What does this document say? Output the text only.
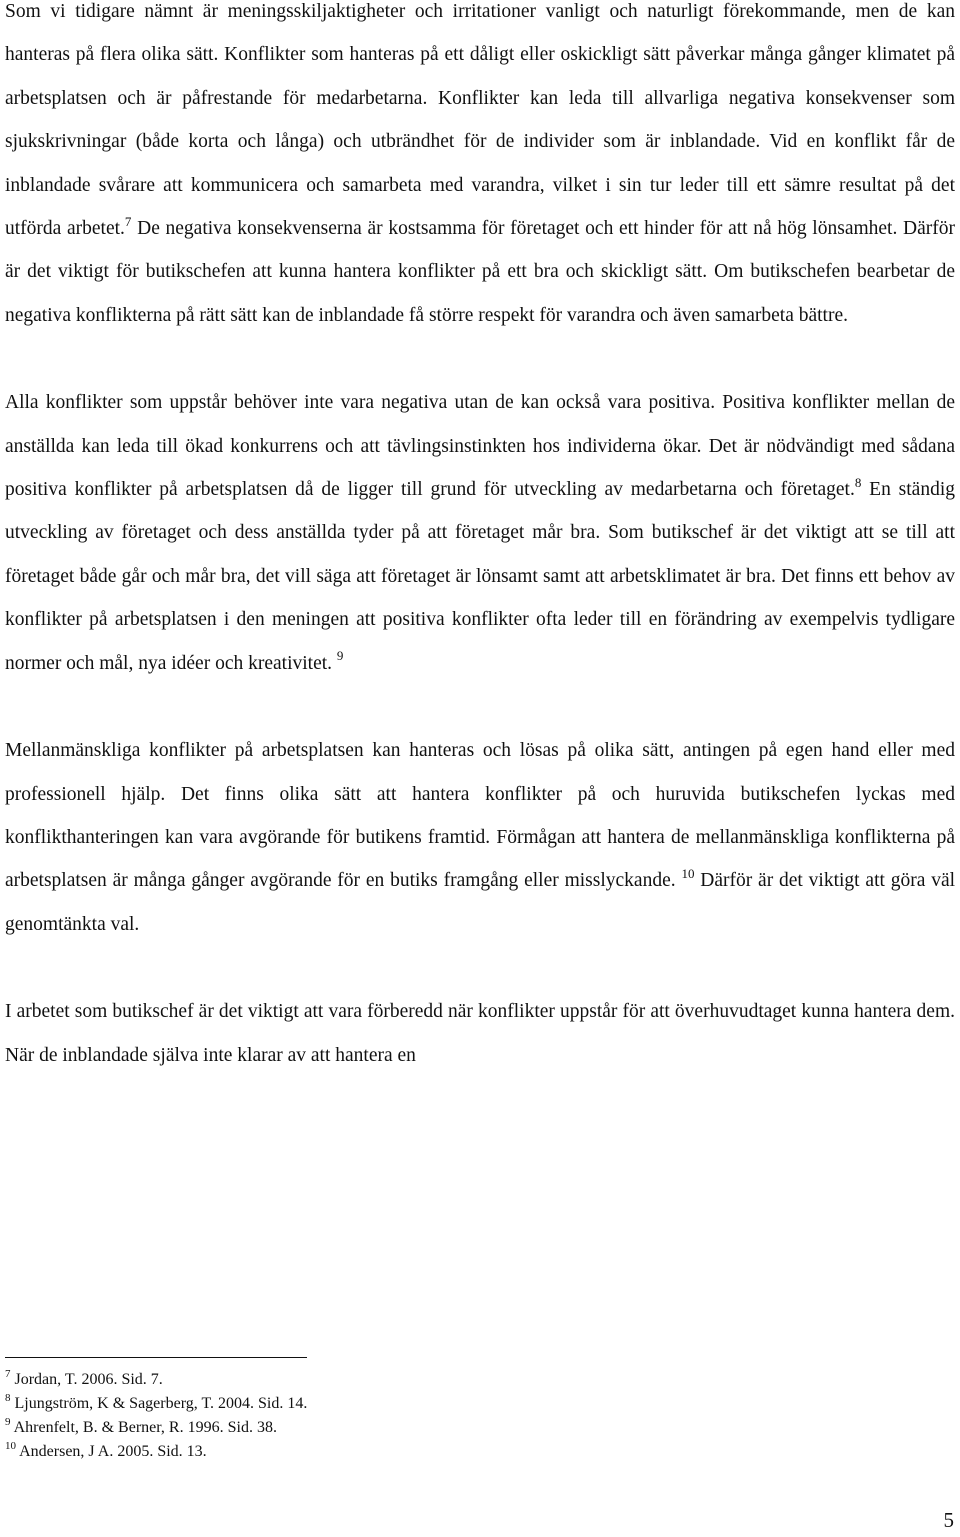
Som vi tidigare nämnt är meningsskiljaktigheter och irritationer vanligt och naturligt förekommande, men de kan hanteras på flera olika sätt. Konflikter som hanteras på ett dåligt eller oskickligt sätt påverkar många gånger klimatet på arbetsplatsen och är påfrestande för medarbetarna. Konflikter kan leda till allvarliga negativa konsekvenser som sjukskrivningar (både korta och långa) och utbrändhet för de individer som är inblandade. Vid en konflikt får de inblandade svårare att kommunicera och samarbeta med varandra, vilket i sin tur leder till ett sämre resultat på det utförda arbetet.$^7$ De negativa konsekvenserna är kostsamma för företaget och ett hinder för att nå hög lönsamhet. Därför är det viktigt för butikschefen att kunna hantera konflikter på ett bra och skickligt sätt. Om butikschefen bearbetar de negativa konflikterna på rätt sätt kan de inblandade få större respekt för varandra och även samarbeta bättre.

Alla konflikter som uppstår behöver inte vara negativa utan de kan också vara positiva. Positiva konflikter mellan de anställda kan leda till ökad konkurrens och att tävlingsinstinkten hos individerna ökar. Det är nödvändigt med sådana positiva konflikter på arbetsplatsen då de ligger till grund för utveckling av medarbetarna och företaget.$^8$ En ständig utveckling av företaget och dess anställda tyder på att företaget mår bra. Som butikschef är det viktigt att se till att företaget både går och mår bra, det vill säga att företaget är lönsamt samt att arbetsklimatet är bra. Det finns ett behov av konflikter på arbetsplatsen i den meningen att positiva konflikter ofta leder till en förändring av exempelvis tydligare normer och mål, nya idéer och kreativitet. $^9$

Mellanmänskliga konflikter på arbetsplatsen kan hanteras och lösas på olika sätt, antingen på egen hand eller med professionell hjälp. Det finns olika sätt att hantera konflikter på och huruvida butikschefen lyckas med konflikthanteringen kan vara avgörande för butikens framtid. Förmågan att hantera de mellanmänskliga konflikterna på arbetsplatsen är många gånger avgörande för en butiks framgång eller misslyckande. $^{10}$ Därför är det viktigt att göra väl genomtänkta val.

I arbetet som butikschef är det viktigt att vara förberedd när konflikter uppstår för att överhuvudtaget kunna hantera dem. När de inblandade själva inte klarar av att hantera en

$^7$ Jordan, T. 2006. Sid. 7.
$^8$ Ljungström, K & Sagerberg, T. 2004. Sid. 14.
$^9$ Ahrenfelt, B. & Berner, R. 1996. Sid. 38.
$^{10}$ Andersen, J A. 2005. Sid. 13.
5
